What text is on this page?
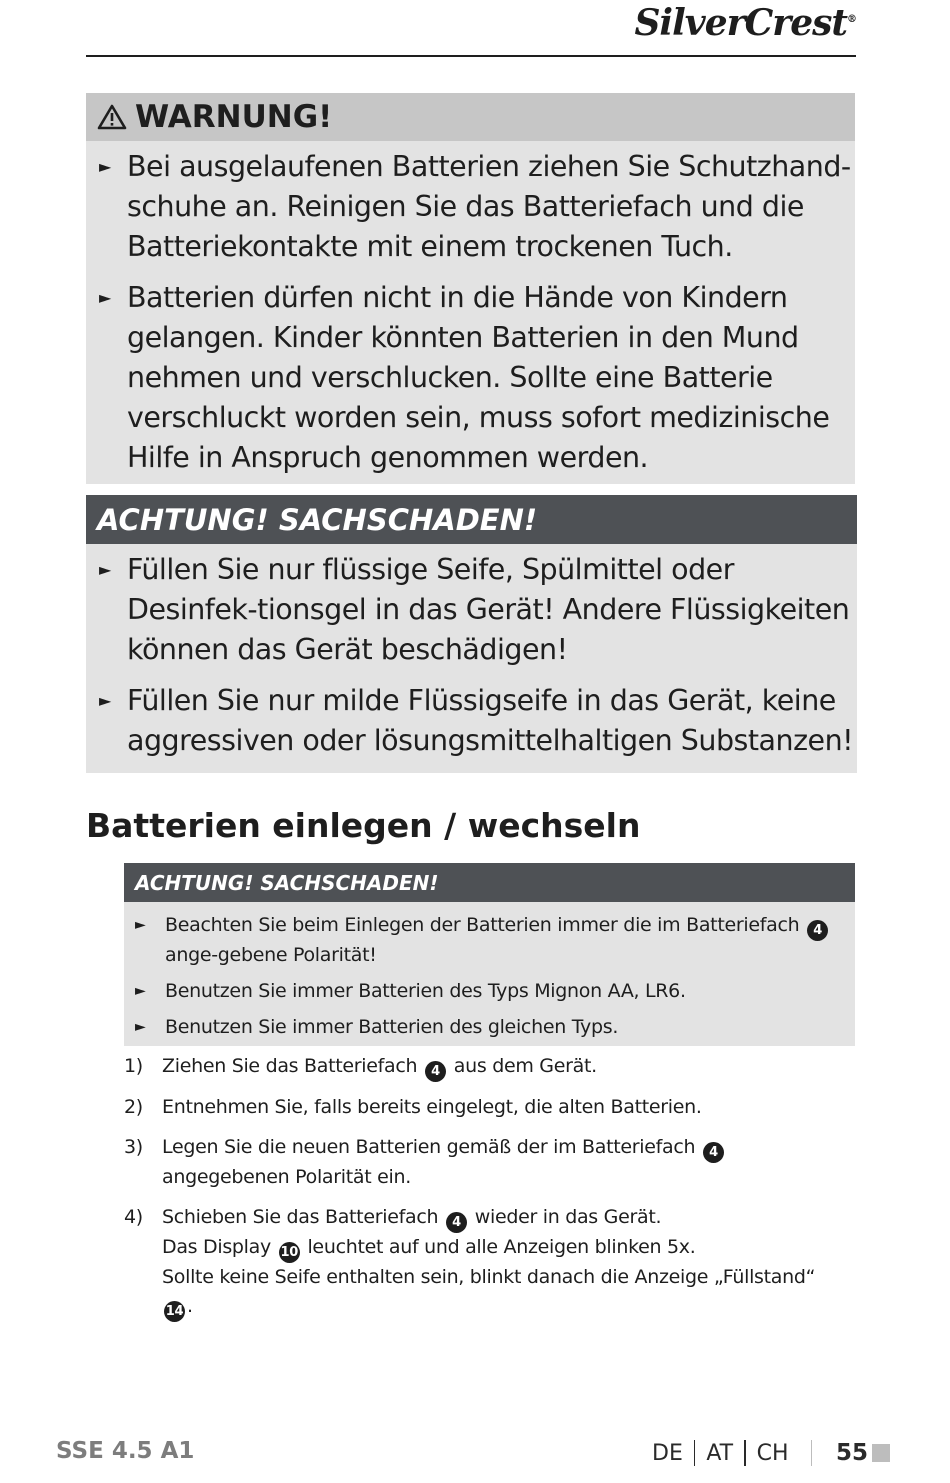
SilverCrest®
WARNUNG!
► Bei ausgelaufenen Batterien ziehen Sie Schutzhand-schuhe an. Reinigen Sie das Batteriefach und die Batteriekontakte mit einem trockenen Tuch.
► Batterien dürfen nicht in die Hände von Kindern gelangen. Kinder könnten Batterien in den Mund nehmen und verschlucken. Sollte eine Batterie verschluckt worden sein, muss sofort medizinische Hilfe in Anspruch genommen werden.
ACHTUNG! SACHSCHADEN!
► Füllen Sie nur flüssige Seife, Spülmittel oder Desinfek-tionsgel in das Gerät! Andere Flüssigkeiten können das Gerät beschädigen!
► Füllen Sie nur milde Flüssigseife in das Gerät, keine aggressiven oder lösungsmittelhaltigen Substanzen!
Batterien einlegen / wechseln
ACHTUNG! SACHSCHADEN!
► Beachten Sie beim Einlegen der Batterien immer die im Batteriefach 4 ange-gebene Polarität!
► Benutzen Sie immer Batterien des Typs Mignon AA, LR6.
► Benutzen Sie immer Batterien des gleichen Typs.
1) Ziehen Sie das Batteriefach 4 aus dem Gerät.
2) Entnehmen Sie, falls bereits eingelegt, die alten Batterien.
3) Legen Sie die neuen Batterien gemäß der im Batteriefach 4 angegebenen Polarität ein.
4) Schieben Sie das Batteriefach 4 wieder in das Gerät.
Das Display 10 leuchtet auf und alle Anzeigen blinken 5x.
Sollte keine Seife enthalten sein, blinkt danach die Anzeige „Füllstand“ 14 .
SSE 4.5 A1	DE AT CH 55
